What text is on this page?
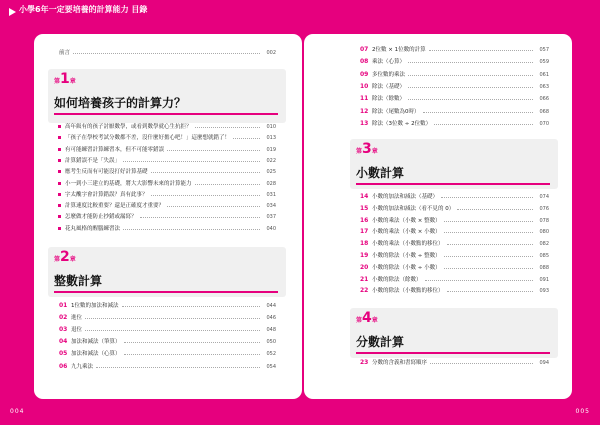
小學6年一定要培養的計算能力 目錄
前言	002
第1章
如何培養孩子的計算力？
高年級有的孩子討厭數學，或看到數學就心生抗拒？	010
「孩子在學校考試分數都不差，沒什麼好擔心吧！」這麼想就錯了！	013
有可能練習計算練習本，但不可能零錯誤	019
計算錯誤不是「失誤」	022
應考生反而有可能沒打好計算基礎	025
小一到小三建立的基礎，將大大影響未來的計算能力	028
字太醜字會計算錯誤？真有此事？	031
計算速度比較重要？還是正確度才重要？	034
怎麼做才能防止抄錯或漏寫？	037
花丸風格的醒腦練習法	040
第2章
整數計算
01 1位數的加法和減法	044
02 進位	046
03 退位	048
04 加法和減法（筆算）	050
05 加法和減法（心算）	052
06 九九乘法	054
07 2位數 × 1位數的計算	057
08 乘法（心算）	059
09 多位數的乘法	061
10 除法（基礎）	063
11 除法（餘數）	066
12 除法（尾數為0時）	068
13 除法（3位數 ÷ 2位數）	070
第3章
小數計算
14 小數的加法和減法（基礎）	074
15 小數的加法和減法（看不見的 0）	076
16 小數的乘法（小數 × 整數）	078
17 小數的乘法（小數 × 小數）	080
18 小數的乘法（小數點的移位）	082
19 小數的除法（小數 ÷ 整數）	085
20 小數的除法（小數 ÷ 小數）	088
21 小數的除法（餘數）	091
22 小數的除法（小數點的移位）	093
第4章
分數計算
23 分數的含義和書寫順序	094
004	005
